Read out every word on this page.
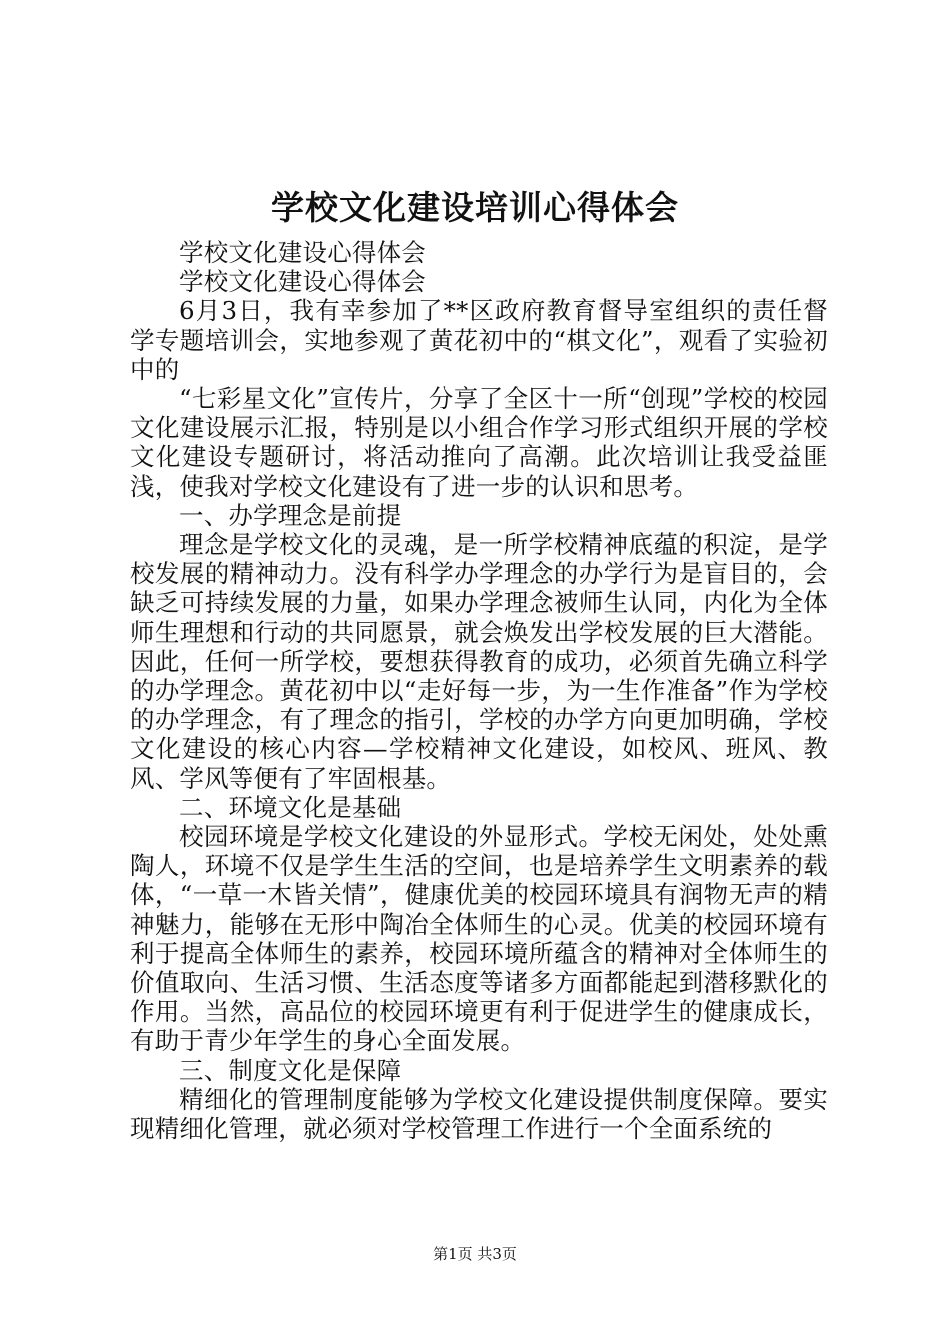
学校文化建设培训心得体会

学校文化建设心得体会

学校文化建设心得体会

6月3日，我有幸参加了**区政府教育督导室组织的责任督学专题培训会，实地参观了黄花初中的“棋文化”，观看了实验初中的

“七彩星文化”宣传片，分享了全区十一所“创现”学校的校园文化建设展示汇报，特别是以小组合作学习形式组织开展的学校文化建设专题研讨，将活动推向了高潮。此次培训让我受益匪浅，使我对学校文化建设有了进一步的认识和思考。

一、办学理念是前提

理念是学校文化的灵魂，是一所学校精神底蕴的积淀，是学校发展的精神动力。没有科学办学理念的办学行为是盲目的，会缺乏可持续发展的力量，如果办学理念被师生认同，内化为全体师生理想和行动的共同愿景，就会焕发出学校发展的巨大潜能。因此，任何一所学校，要想获得教育的成功，必须首先确立科学的办学理念。黄花初中以“走好每一步，为一生作准备”作为学校的办学理念，有了理念的指引，学校的办学方向更加明确，学校文化建设的核心内容—学校精神文化建设，如校风、班风、教风、学风等便有了牢固根基。

二、环境文化是基础

校园环境是学校文化建设的外显形式。学校无闲处，处处熏陶人，环境不仅是学生生活的空间，也是培养学生文明素养的载体，“一草一木皆关情”，健康优美的校园环境具有润物无声的精神魅力，能够在无形中陶冶全体师生的心灵。优美的校园环境有利于提高全体师生的素养，校园环境所蕴含的精神对全体师生的价值取向、生活习惯、生活态度等诸多方面都能起到潜移默化的作用。当然，高品位的校园环境更有利于促进学生的健康成长，有助于青少年学生的身心全面发展。

三、制度文化是保障

精细化的管理制度能够为学校文化建设提供制度保障。要实现精细化管理，就必须对学校管理工作进行一个全面系统的

第1页 共3页
